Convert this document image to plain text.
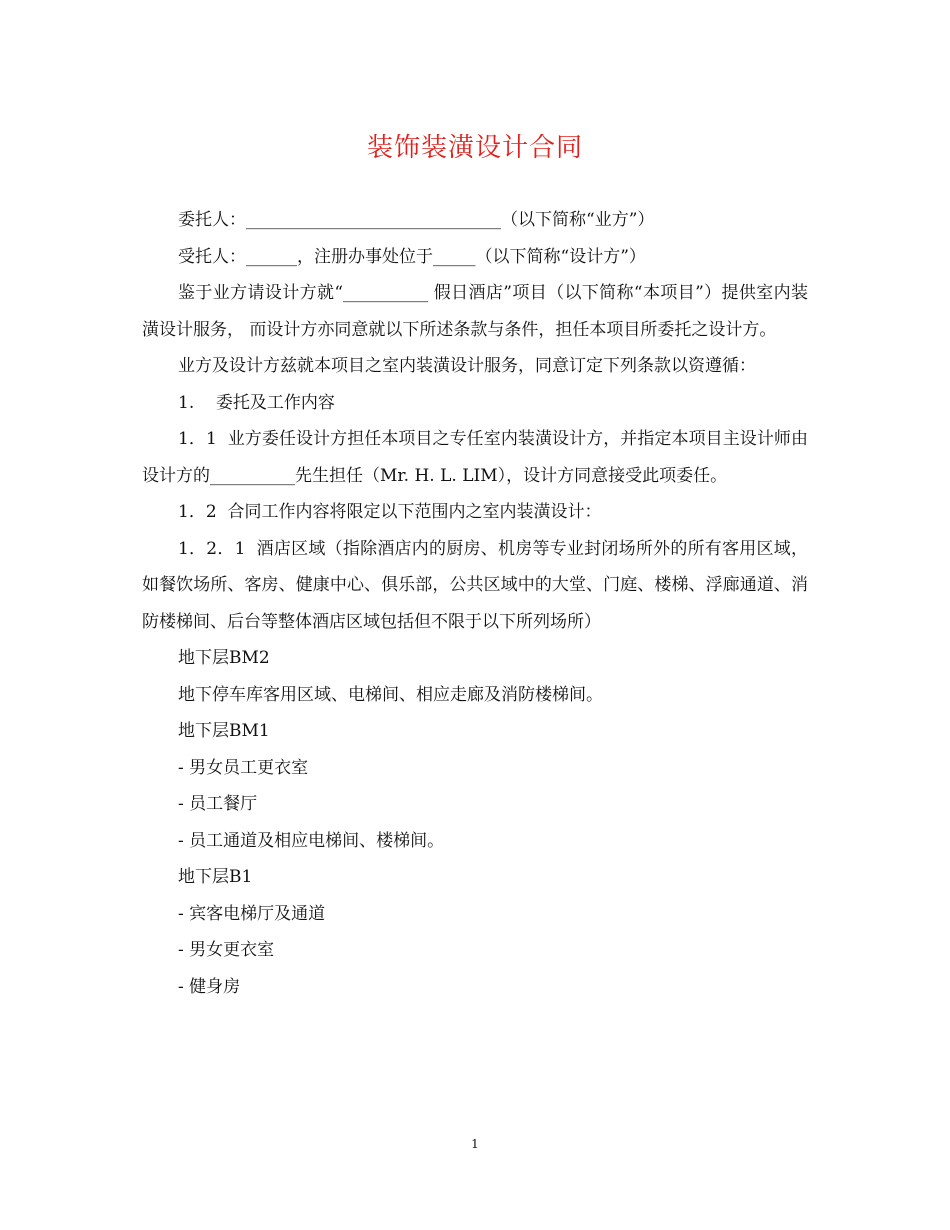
装饰装潢设计合同

委托人：______________________________（以下简称“业方”）

受托人：______，注册办事处位于_____（以下简称“设计方”）

鉴于业方请设计方就“__________ 假日酒店”项目（以下简称“本项目”）提供室内装潢设计服务， 而设计方亦同意就以下所述条款与条件，担任本项目所委托之设计方。

业方及设计方兹就本项目之室内装潢设计服务，同意订定下列条款以资遵循：

1.    委托及工作内容

1．1  业方委任设计方担任本项目之专任室内装潢设计方，并指定本项目主设计师由设计方的__________先生担任（Mr. H. L. LIM），设计方同意接受此项委任。

1．2  合同工作内容将限定以下范围内之室内装潢设计：

1．2．1  酒店区域（指除酒店内的厨房、机房等专业封闭场所外的所有客用区域，如餐饮场所、客房、健康中心、俱乐部，公共区域中的大堂、门庭、楼梯、浮廊通道、消防楼梯间、后台等整体酒店区域包括但不限于以下所列场所）

地下层BM2

地下停车库客用区域、电梯间、相应走廊及消防楼梯间。

地下层BM1

- 男女员工更衣室

- 员工餐厅

- 员工通道及相应电梯间、楼梯间。

地下层B1

- 宾客电梯厅及通道

- 男女更衣室

- 健身房

1
